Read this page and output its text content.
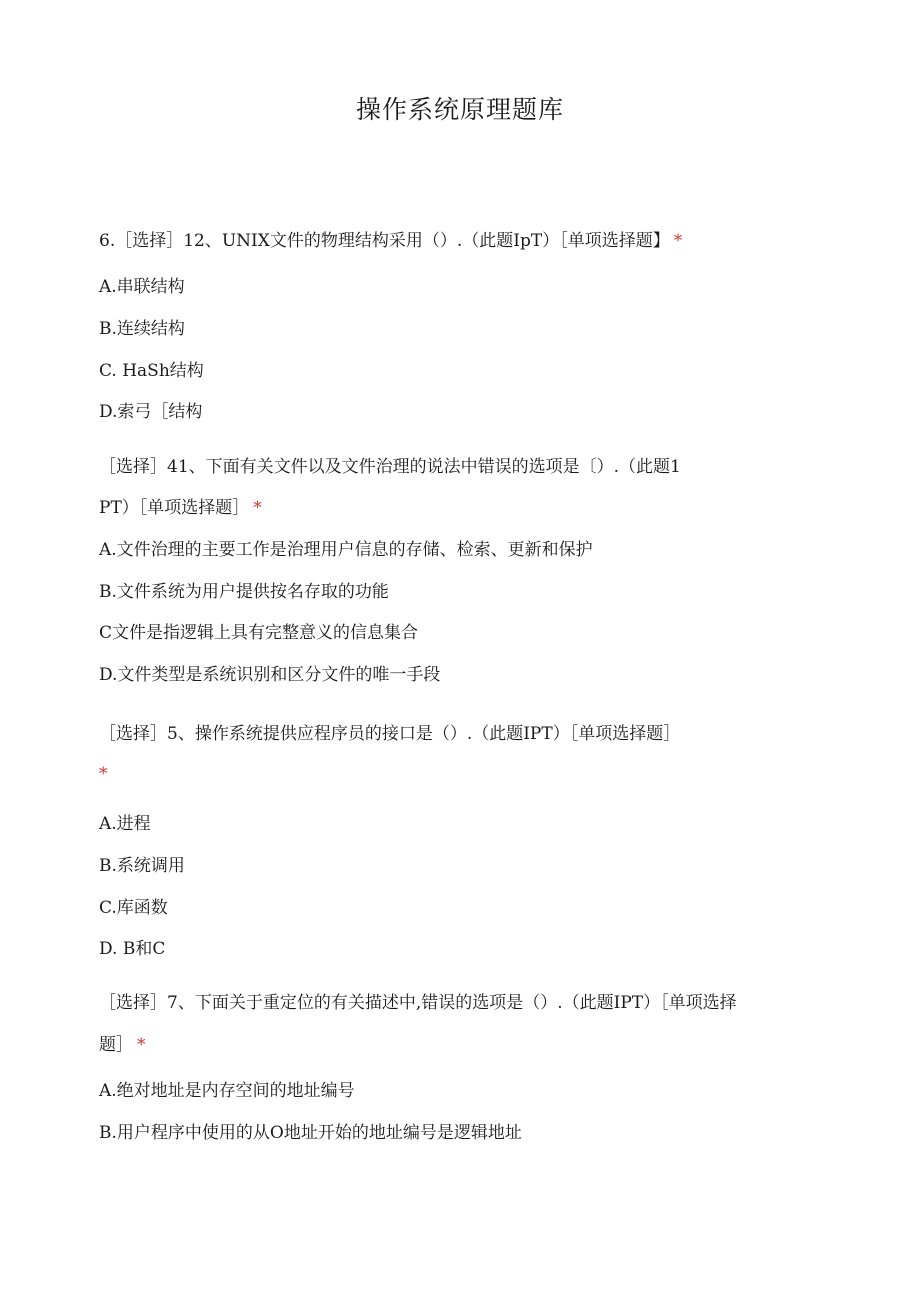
操作系统原理题库
6.［选择］12、UNIX文件的物理结构采用（）.（此题IpT）［单项选择题】 *
A.串联结构
B.连续结构
C. HaSh结构
D.索弓［结构
［选择］41、下面有关文件以及文件治理的说法中错误的选项是〔）.（此题1
PT）［单项选择题］ *
A.文件治理的主要工作是治理用户信息的存储、检索、更新和保护
B.文件系统为用户提供按名存取的功能
C文件是指逻辑上具有完整意义的信息集合
D.文件类型是系统识别和区分文件的唯一手段
［选择］5、操作系统提供应程序员的接口是（）.（此题IPT）［单项选择题］
*
A.进程
B.系统调用
C.库函数
D. B和C
［选择］7、下面关于重定位的有关描述中,错误的选项是（）.（此题IPT）［单项选择
题］ *
A.绝对地址是内存空间的地址编号
B.用户程序中使用的从O地址开始的地址编号是逻辑地址
